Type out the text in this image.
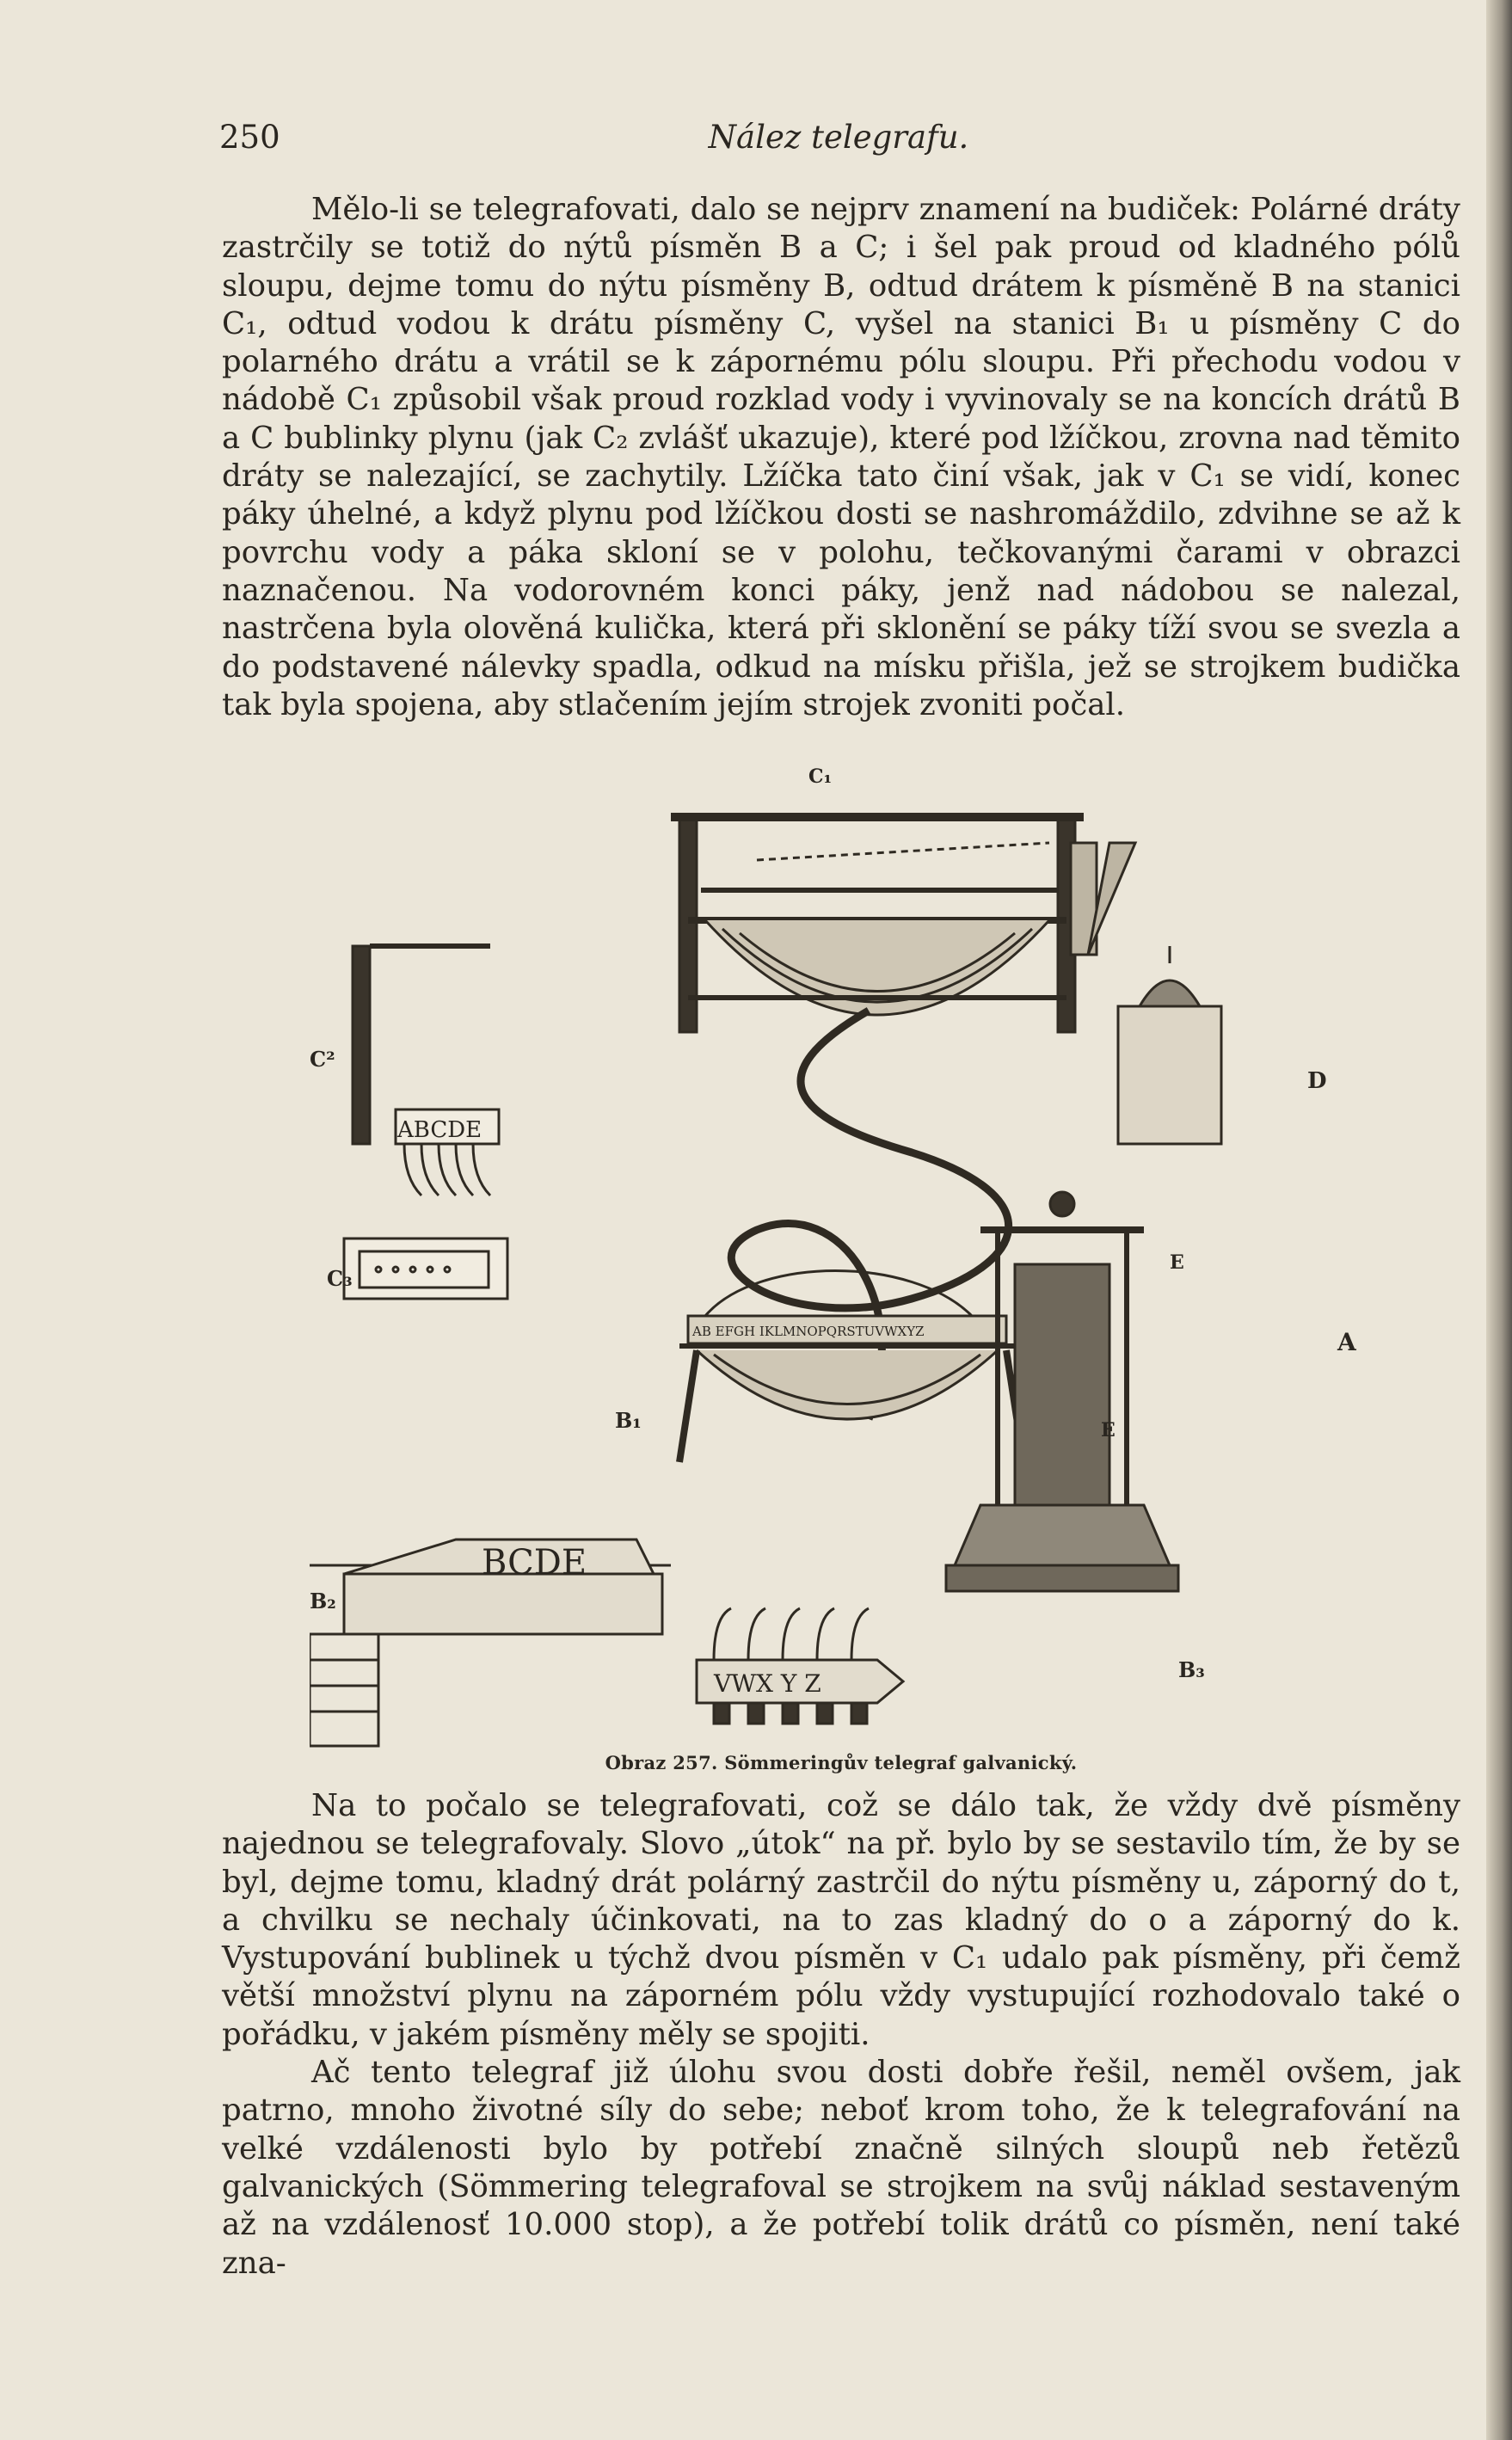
250	Nález telegrafu.

Mělo-li se telegrafovati, dalo se nejprv znamení na budiček: Polárné dráty zastrčily se totiž do nýtů písměn B a C; i šel pak proud od kladného pólů sloupu, dejme tomu do nýtu písměny B, odtud drátem k písměně B na stanici C₁, odtud vodou k drátu písměny C, vyšel na stanici B₁ u písměny C do polarného drátu a vrátil se k zápornému pólu sloupu. Při přechodu vodou v nádobě C₁ způsobil však proud rozklad vody i vyvinovaly se na koncích drátů B a C bublinky plynu (jak C₂ zvlášť ukazuje), které pod lžíčkou, zrovna nad těmito dráty se nalezající, se zachytily. Lžíčka tato činí však, jak v C₁ se vidí, konec páky úhelné, a když plynu pod lžíčkou dosti se nashromáždilo, zdvihne se až k povrchu vody a páka skloní se v polohu, tečkovanými čarami v obrazci naznačenou. Na vodorovném konci páky, jenž nad nádobou se nalezal, nastrčena byla olověná kulička, která při sklonění se páky tíží svou se svezla a do podstavené nálevky spadla, odkud na mísku přišla, jež se strojkem budička tak byla spojena, aby stlačením jejím strojek zvoniti počal.

C₁
C²
C₃
D
E
E
A
B₁
B₂
B₃
ABCDE
BCDE
VWX Y Z
AB EFGH IKLMNOPQRSTUVWXYZ
Obraz 257. Sömmeringův telegraf galvanický.

Na to počalo se telegrafovati, což se dálo tak, že vždy dvě písměny najednou se telegrafovaly. Slovo „útok“ na př. bylo by se sestavilo tím, že by se byl, dejme tomu, kladný drát polárný zastrčil do nýtu písměny u, záporný do t, a chvilku se nechaly účinkovati, na to zas kladný do o a záporný do k. Vystupování bublinek u týchž dvou písměn v C₁ udalo pak písměny, při čemž větší množství plynu na záporném pólu vždy vystupující rozhodovalo také o pořádku, v jakém písměny měly se spojiti.

Ač tento telegraf již úlohu svou dosti dobře řešil, neměl ovšem, jak patrno, mnoho životné síly do sebe; neboť krom toho, že k telegrafování na velké vzdálenosti bylo by potřebí značně silných sloupů neb řetězů galvanických (Sömmering telegrafoval se strojkem na svůj náklad sestaveným až na vzdálenosť 10.000 stop), a že potřebí tolik drátů co písměn, není také zna-
